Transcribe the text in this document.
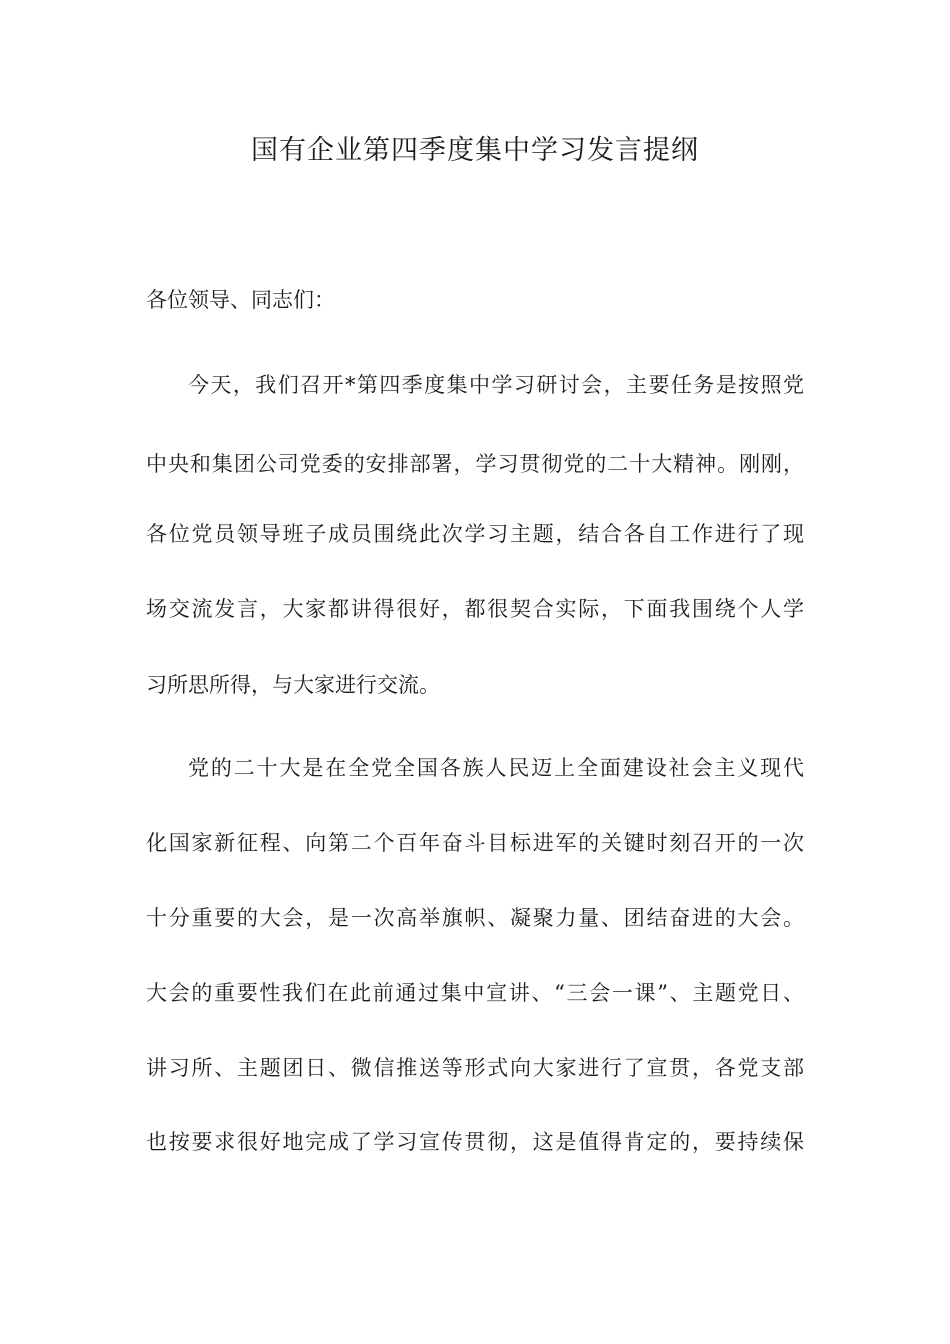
国有企业第四季度集中学习发言提纲

各位领导、同志们：

今天，我们召开*第四季度集中学习研讨会，主要任务是按照党

中央和集团公司党委的安排部署，学习贯彻党的二十大精神。刚刚，

各位党员领导班子成员围绕此次学习主题，结合各自工作进行了现

场交流发言，大家都讲得很好，都很契合实际，下面我围绕个人学

习所思所得，与大家进行交流。

党的二十大是在全党全国各族人民迈上全面建设社会主义现代

化国家新征程、向第二个百年奋斗目标进军的关键时刻召开的一次

十分重要的大会，是一次高举旗帜、凝聚力量、团结奋进的大会。

大会的重要性我们在此前通过集中宣讲、“三会一课”、主题党日、

讲习所、主题团日、微信推送等形式向大家进行了宣贯，各党支部

也按要求很好地完成了学习宣传贯彻，这是值得肯定的，要持续保
